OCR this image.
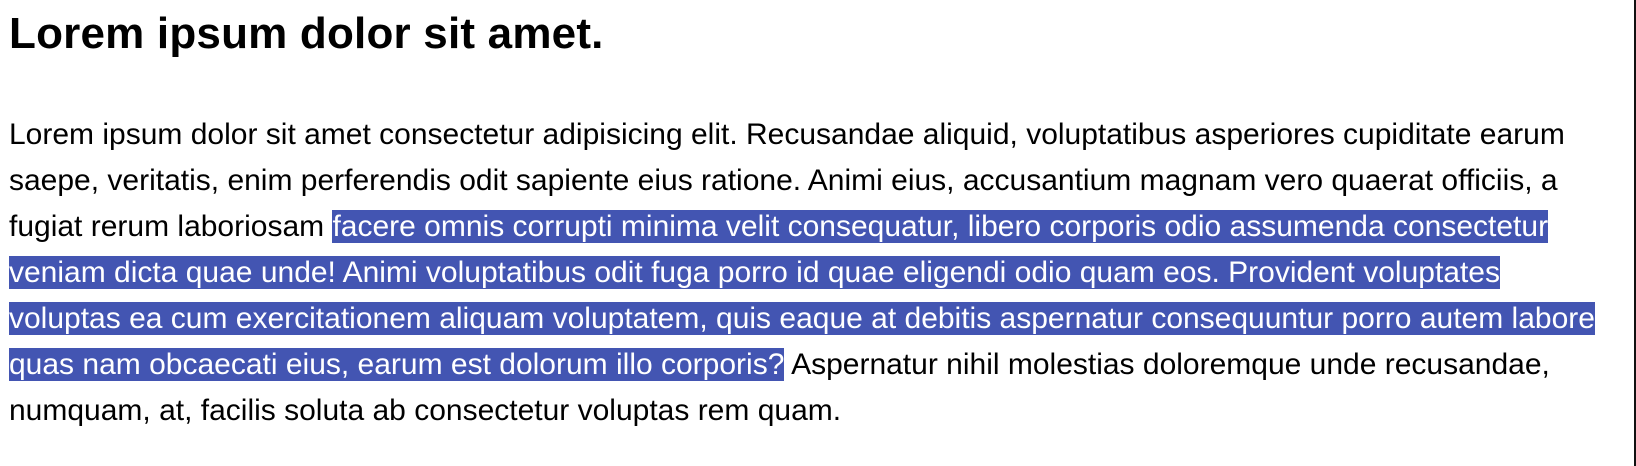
Lorem ipsum dolor sit amet.

Lorem ipsum dolor sit amet consectetur adipisicing elit. Recusandae aliquid, voluptatibus asperiores cupiditate earum saepe, veritatis, enim perferendis odit sapiente eius ratione. Animi eius, accusantium magnam vero quaerat officiis, a fugiat rerum laboriosam facere omnis corrupti minima velit consequatur, libero corporis odio assumenda consectetur veniam dicta quae unde! Animi voluptatibus odit fuga porro id quae eligendi odio quam eos. Provident voluptates voluptas ea cum exercitationem aliquam voluptatem, quis eaque at debitis aspernatur consequuntur porro autem labore quas nam obcaecati eius, earum est dolorum illo corporis? Aspernatur nihil molestias doloremque unde recusandae, numquam, at, facilis soluta ab consectetur voluptas rem quam.
